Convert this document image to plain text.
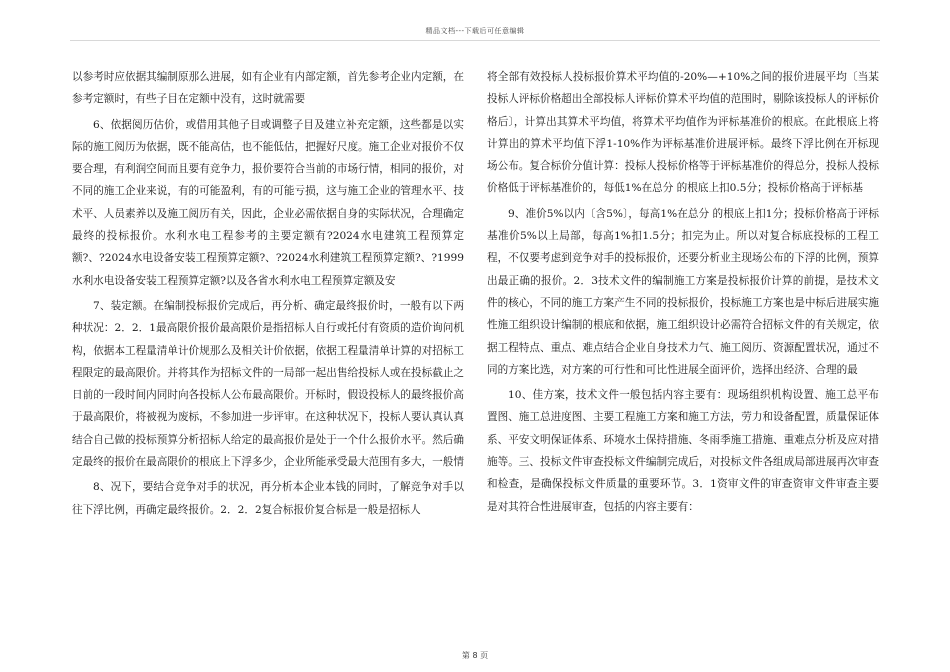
精品文档---下载后可任意编辑

以参考时应依据其编制原那么进展，如有企业有内部定额，首先参考企业内定额，在参考定额时，有些子目在定额中没有，这时就需要

6、依据阅历估价，或借用其他子目或调整子目及建立补充定额，这些都是以实际的施工阅历为依据，既不能高估，也不能低估，把握好尺度。施工企业对报价不仅要合理，有利润空间而且要有竞争力，报价要符合当前的市场行情，相同的报价，对不同的施工企业来说，有的可能盈利，有的可能亏损，这与施工企业的管理水平、技术平、人员素养以及施工阅历有关，因此，企业必需依据自身的实际状况，合理确定最终的投标报价。水利水电工程参考的主要定额有?2024水电建筑工程预算定额?、?2024水电设备安装工程预算定额?、?2024水利建筑工程预算定额?、?1999水利水电设备安装工程预算定额?以及各省水利水电工程预算定额及安

7、装定额。在编制投标报价完成后，再分析、确定最终报价时，一般有以下两种状况：2．2．1最高限价报价最高限价是指招标人自行或托付有资质的造价询问机构，依据本工程量清单计价规那么及相关计价依据，依据工程量清单计算的对招标工程限定的最高限价。并将其作为招标文件的一局部一起出售给投标人或在投标截止之日前的一段时间内同时向各投标人公布最高限价。开标时，假设投标人的最终报价高于最高限价，将被视为废标，不参加进一步评审。在这种状况下，投标人要认真认真结合自己做的投标预算分析招标人给定的最高报价是处于一个什么报价水平。然后确定最终的报价在最高限价的根底上下浮多少，企业所能承受最大范围有多大，一般情

8、况下，要结合竞争对手的状况，再分析本企业本钱的同时，了解竞争对手以往下浮比例，再确定最终报价。2．2．2复合标报价复合标是一般是招标人

将全部有效投标人投标报价算术平均值的-20%—+10%之间的报价进展平均〔当某投标人评标价格超出全部投标人评标价算术平均值的范围时，剔除该投标人的评标价格后〕，计算出其算术平均值，将算术平均值作为评标基准价的根底。在此根底上将计算出的算术平均值下浮1-10%作为评标基准价进展评标。最终下浮比例在开标现场公布。复合标价分值计算：投标人投标价格等于评标基准价的得总分，投标人投标价格低于评标基准价的，每低1%在总分 的根底上扣0.5分；投标价格高于评标基

9、准价5%以内〔含5%〕，每高1%在总分 的根底上扣1分；投标价格高于评标基准价5%以上局部，每高1%扣1.5分；扣完为止。所以对复合标底投标的工程工程，不仅要考虑到竞争对手的投标报价，还要分析业主现场公布的下浮的比例，预算出最正确的报价。2．3技术文件的编制施工方案是投标报价计算的前提，是技术文件的核心，不同的施工方案产生不同的投标报价，投标施工方案也是中标后进展实施性施工组织设计编制的根底和依据，施工组织设计必需符合招标文件的有关规定，依据工程特点、重点、难点结合企业自身技术力气、施工阅历、资源配置状况，通过不同的方案比选，对方案的可行性和可比性进展全面评价，选择出经济、合理的最

10、佳方案，技术文件一般包括内容主要有：现场组织机构设置、施工总平布置图、施工总进度图、主要工程施工方案和施工方法，劳力和设备配置，质量保证体系、平安文明保证体系、环境水土保持措施、冬雨季施工措施、重难点分析及应对措施等。三、投标文件审查投标文件编制完成后，对投标文件各组成局部进展再次审查和检查，是确保投标文件质量的重要环节。3．1资审文件的审查资审文件审查主要是对其符合性进展审查，包括的内容主要有：

第 8 页
